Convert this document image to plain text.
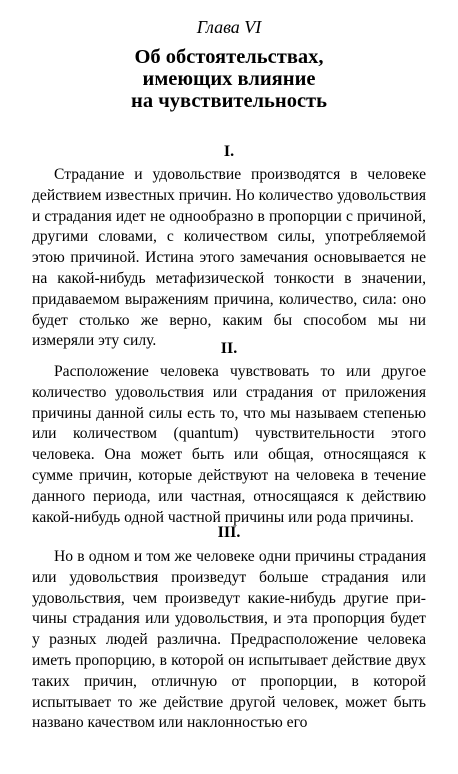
Глава VI
Об обстоятельствах,
имеющих влияние
на чувствительность
I.
Страдание и удовольствие производятся в человеке действием известных причин. Но количество удовольствия и страдания идет не однообразно в пропорции с причиной, другими словами, с количеством силы, употребляемой этою причиной. Истина этого замечания основывается не на какой-нибудь метафизической тонкости в значении, придаваемом выражениям причина, количество, сила: оно будет столько же верно, каким бы способом мы ни измеряли эту силу.	II.
Расположение человека чувствовать то или другое количество удовольствия или страдания от приложения причины данной силы есть то, что мы называем степенью или количеством (quantum) чувствительности этого человека. Она может быть или общая, относящаяся к сумме причин, которые действуют на человека в течение данного периода, или частная, относящаяся к действию какой-нибудь одной частной причины или рода причины.
III.
Но в одном и том же человеке одни причины страдания или удовольствия произведут больше страдания или удовольствия, чем произведут какие-нибудь другие причины страдания или удовольствия, и эта пропорция будет у разных людей различна. Предрасположение человека иметь пропорцию, в которой он испытывает действие двух таких причин, отличную от пропорции, в которой испытывает то же действие другой человек, может быть названо качеством или наклонностью его
